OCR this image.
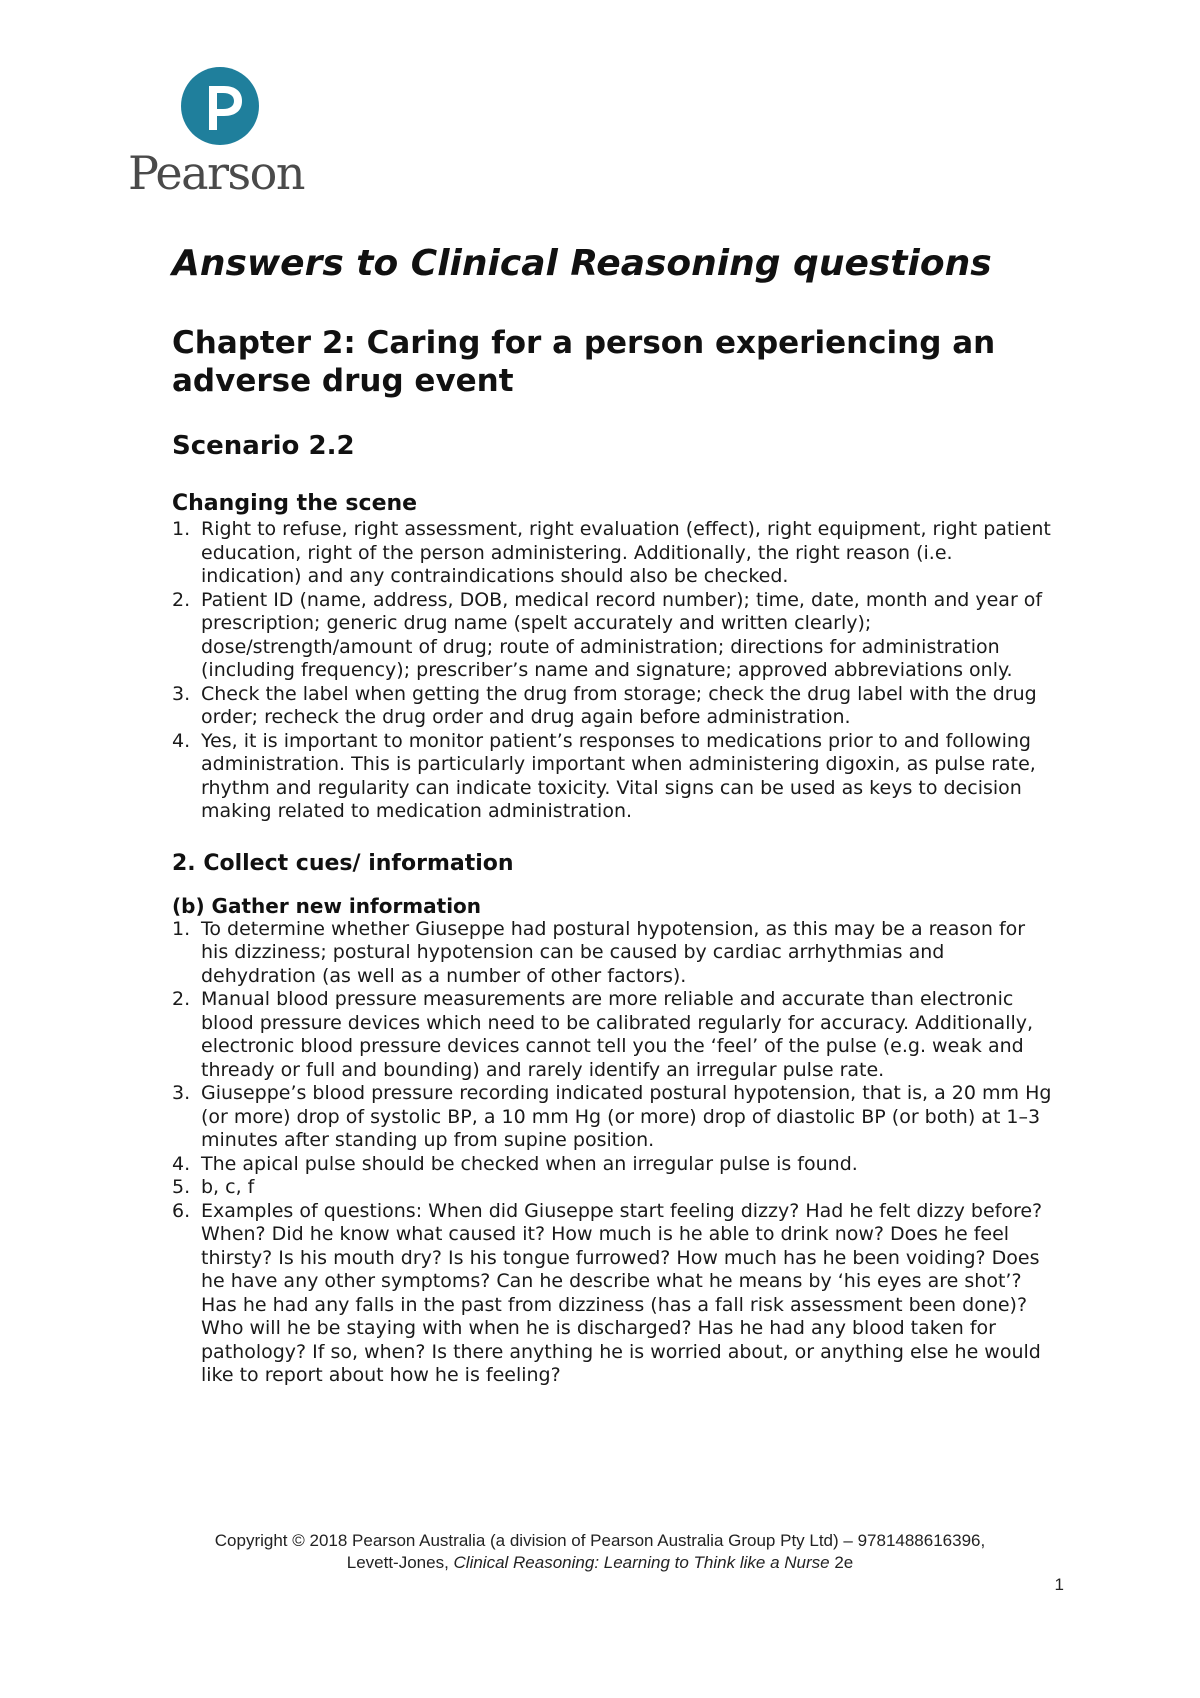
Pearson
Answers to Clinical Reasoning questions
Chapter 2: Caring for a person experiencing an adverse drug event
Scenario 2.2
Changing the scene
1. Right to refuse, right assessment, right evaluation (effect), right equipment, right patient education, right of the person administering. Additionally, the right reason (i.e. indication) and any contraindications should also be checked.
2. Patient ID (name, address, DOB, medical record number); time, date, month and year of prescription; generic drug name (spelt accurately and written clearly); dose/strength/amount of drug; route of administration; directions for administration (including frequency); prescriber’s name and signature; approved abbreviations only.
3. Check the label when getting the drug from storage; check the drug label with the drug order; recheck the drug order and drug again before administration.
4. Yes, it is important to monitor patient’s responses to medications prior to and following administration. This is particularly important when administering digoxin, as pulse rate, rhythm and regularity can indicate toxicity. Vital signs can be used as keys to decision making related to medication administration.
2. Collect cues/ information
(b) Gather new information
1. To determine whether Giuseppe had postural hypotension, as this may be a reason for his dizziness; postural hypotension can be caused by cardiac arrhythmias and dehydration (as well as a number of other factors).
2. Manual blood pressure measurements are more reliable and accurate than electronic blood pressure devices which need to be calibrated regularly for accuracy. Additionally, electronic blood pressure devices cannot tell you the ‘feel’ of the pulse (e.g. weak and thready or full and bounding) and rarely identify an irregular pulse rate.
3. Giuseppe’s blood pressure recording indicated postural hypotension, that is, a 20 mm Hg (or more) drop of systolic BP, a 10 mm Hg (or more) drop of diastolic BP (or both) at 1–3 minutes after standing up from supine position.
4. The apical pulse should be checked when an irregular pulse is found.
5. b, c, f
6. Examples of questions: When did Giuseppe start feeling dizzy? Had he felt dizzy before? When? Did he know what caused it? How much is he able to drink now? Does he feel thirsty? Is his mouth dry? Is his tongue furrowed? How much has he been voiding? Does he have any other symptoms? Can he describe what he means by ‘his eyes are shot’? Has he had any falls in the past from dizziness (has a fall risk assessment been done)? Who will he be staying with when he is discharged? Has he had any blood taken for pathology? If so, when? Is there anything he is worried about, or anything else he would like to report about how he is feeling?
Copyright © 2018 Pearson Australia (a division of Pearson Australia Group Pty Ltd) – 9781488616396,
Levett-Jones, Clinical Reasoning: Learning to Think like a Nurse 2e
1
